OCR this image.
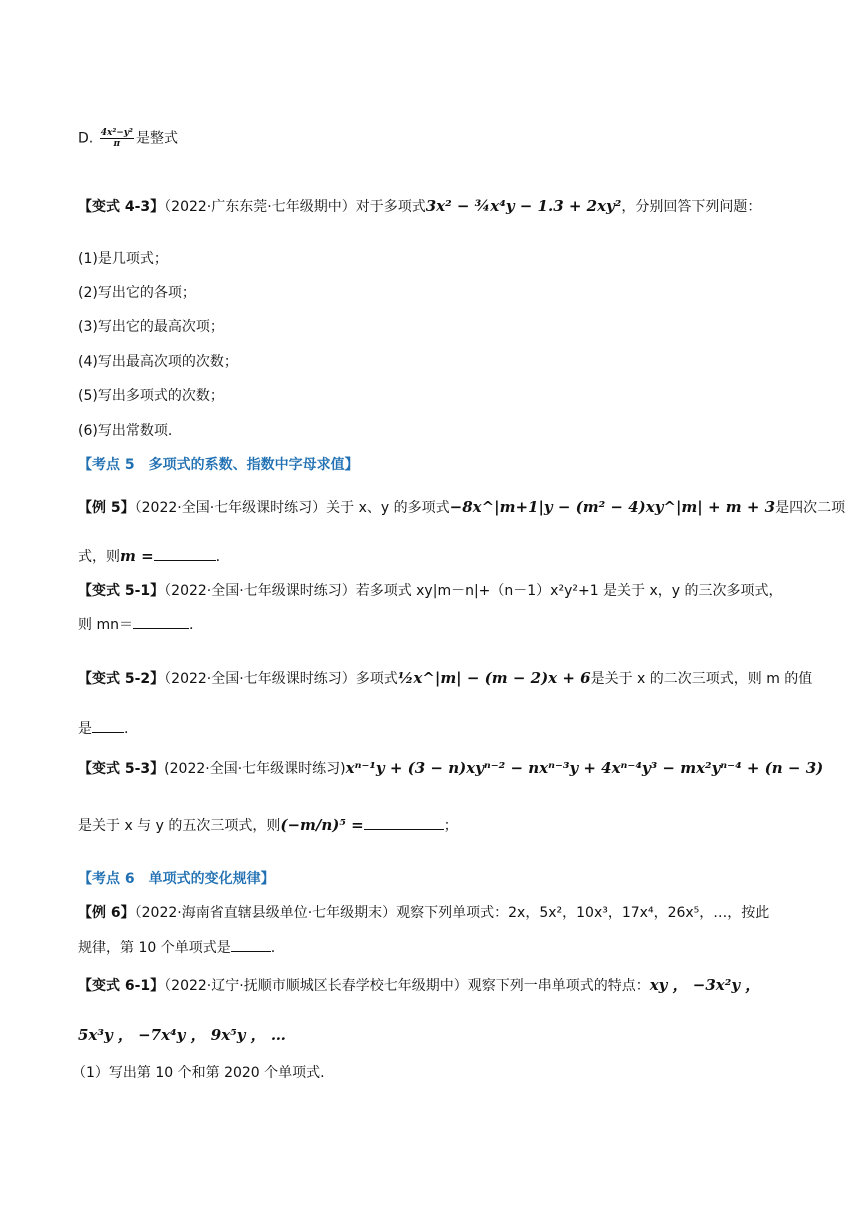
D. $\frac{\text{4x²−y²}}{\pi}$ 是整式
【变式 4-3】（2022·广东东莞·七年级期中）对于多项式3x² − ¾x⁴y − 1.3 + 2xy²，分别回答下列问题：
(1)是几项式；
(2)写出它的各项；
(3)写出它的最高次项；
(4)写出最高次项的次数；
(5)写出多项式的次数；
(6)写出常数项.
【考点 5　多项式的系数、指数中字母求值】
【例 5】（2022·全国·七年级课时练习）关于 x、y 的多项式−8x^|m+1|y − (m² − 4)xy^|m| + m + 3是四次二项
式，则m =	.
【变式 5-1】（2022·全国·七年级课时练习）若多项式 xy|m－n|+（n－1）x²y²+1 是关于 x，y 的三次多项式，
则 mn＝	.
【变式 5-2】（2022·全国·七年级课时练习）多项式½x^|m| − (m − 2)x + 6是关于 x 的二次三项式，则 m 的值
是 .
【变式 5-3】(2022·全国·七年级课时练习)xⁿ⁻¹y + (3 − n)xyⁿ⁻² − nxⁿ⁻³y + 4xⁿ⁻⁴y³ − mx²yⁿ⁻⁴ + (n − 3)
是关于 x 与 y 的五次三项式，则(−m/n)⁵ =	；
【考点 6　单项式的变化规律】
【例 6】（2022·海南省直辖县级单位·七年级期末）观察下列单项式：2x，5x²，10x³，17x⁴，26x⁵，…，按此
规律，第 10 个单项式是	.
【变式 6-1】（2022·辽宁·抚顺市顺城区长春学校七年级期中）观察下列一串单项式的特点：xy ， −3x²y ，
5x³y ， −7x⁴y ， 9x⁵y ， …
（1）写出第 10 个和第 2020 个单项式.
